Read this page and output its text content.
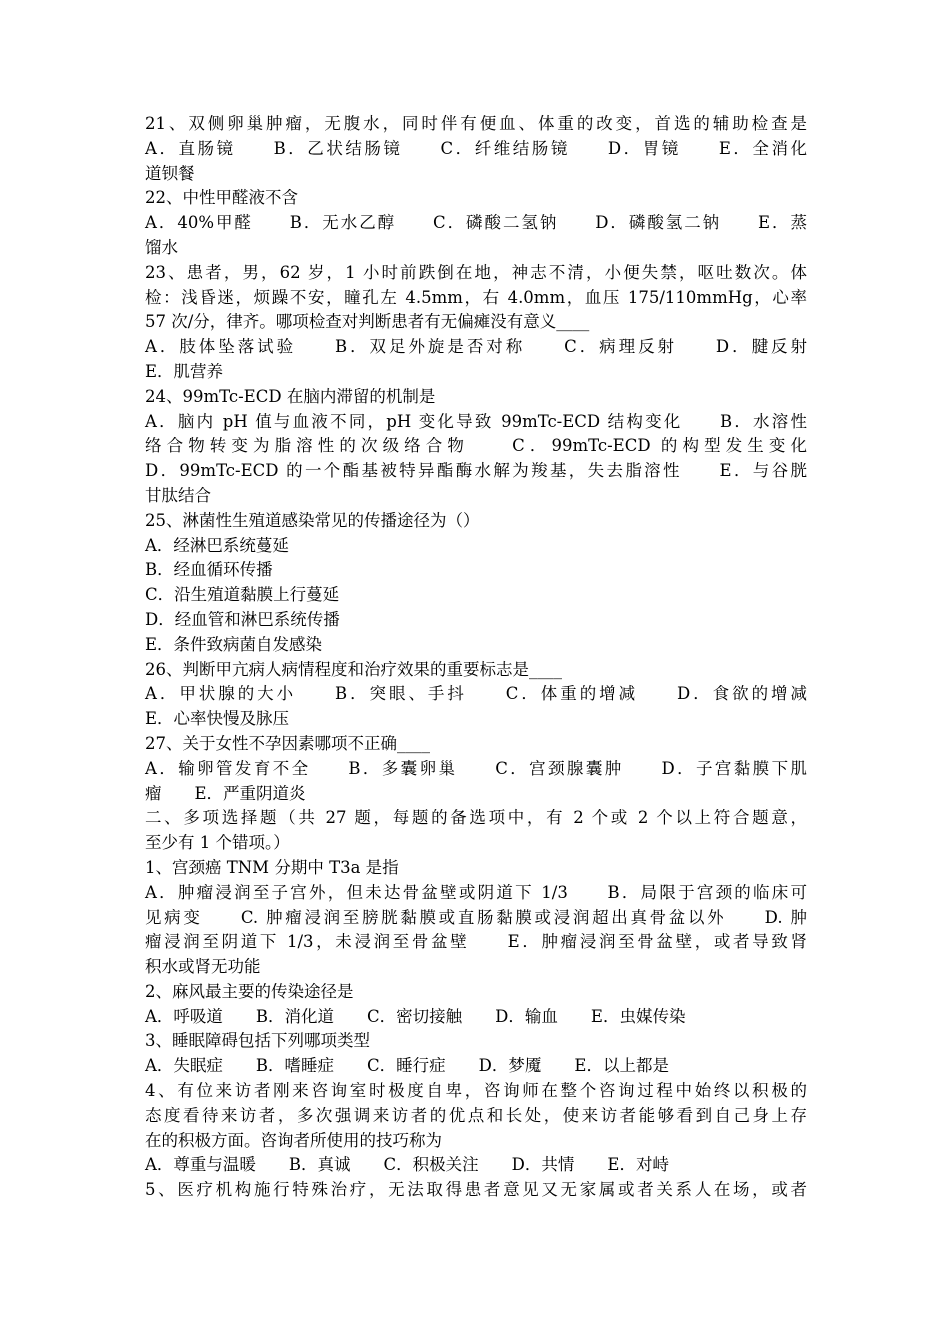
21、双侧卵巢肿瘤，无腹水，同时伴有便血、体重的改变，首选的辅助检查是
A．直肠镜　　B．乙状结肠镜　　C．纤维结肠镜　　D．胃镜　　E．全消化
道钡餐
22、中性甲醛液不含
A．40%甲醛　　B．无水乙醇　　C．磷酸二氢钠　　D．磷酸氢二钠　　E．蒸
馏水
23、患者，男，62 岁，1 小时前跌倒在地，神志不清，小便失禁，呕吐数次。体
检：浅昏迷，烦躁不安，瞳孔左 4.5mm，右 4.0mm，血压 175/110mmHg，心率
57 次/分，律齐。哪项检查对判断患者有无偏瘫没有意义____
A．肢体坠落试验　　B．双足外旋是否对称　　C．病理反射　　D．腱反射
E．肌营养
24、99mTc-ECD 在脑内滞留的机制是
A．脑内 pH 值与血液不同，pH 变化导致 99mTc-ECD 结构变化　　B．水溶性
络合物转变为脂溶性的次级络合物　　C．99mTc-ECD 的构型发生变化
D．99mTc-ECD 的一个酯基被特异酯酶水解为羧基，失去脂溶性　　E．与谷胱
甘肽结合
25、淋菌性生殖道感染常见的传播途径为（）
A．经淋巴系统蔓延
B．经血循环传播
C．沿生殖道黏膜上行蔓延
D．经血管和淋巴系统传播
E．条件致病菌自发感染
26、判断甲亢病人病情程度和治疗效果的重要标志是____
A．甲状腺的大小　　B．突眼、手抖　　C．体重的增减　　D．食欲的增减
E．心率快慢及脉压
27、关于女性不孕因素哪项不正确____
A．输卵管发育不全　　B．多囊卵巢　　C．宫颈腺囊肿　　D．子宫黏膜下肌
瘤　　E．严重阴道炎
二、多项选择题（共 27 题，每题的备选项中，有 2 个或 2 个以上符合题意，
至少有 1 个错项。）
1、宫颈癌 TNM 分期中 T3a 是指
A．肿瘤浸润至子宫外，但未达骨盆壁或阴道下 1/3　　B．局限于宫颈的临床可
见病变　　C. 肿瘤浸润至膀胱黏膜或直肠黏膜或浸润超出真骨盆以外　　D. 肿
瘤浸润至阴道下 1/3，未浸润至骨盆壁　　E．肿瘤浸润至骨盆壁，或者导致肾
积水或肾无功能
2、麻风最主要的传染途径是
A．呼吸道　　B．消化道　　C．密切接触　　D．输血　　E．虫媒传染
3、睡眠障碍包括下列哪项类型
A．失眠症　　B．嗜睡症　　C．睡行症　　D．梦魇　　E．以上都是
4、有位来访者刚来咨询室时极度自卑，咨询师在整个咨询过程中始终以积极的
态度看待来访者，多次强调来访者的优点和长处，使来访者能够看到自己身上存
在的积极方面。咨询者所使用的技巧称为
A．尊重与温暖　　B．真诚　　C．积极关注　　D．共情　　E．对峙
5、医疗机构施行特殊治疗，无法取得患者意见又无家属或者关系人在场，或者
